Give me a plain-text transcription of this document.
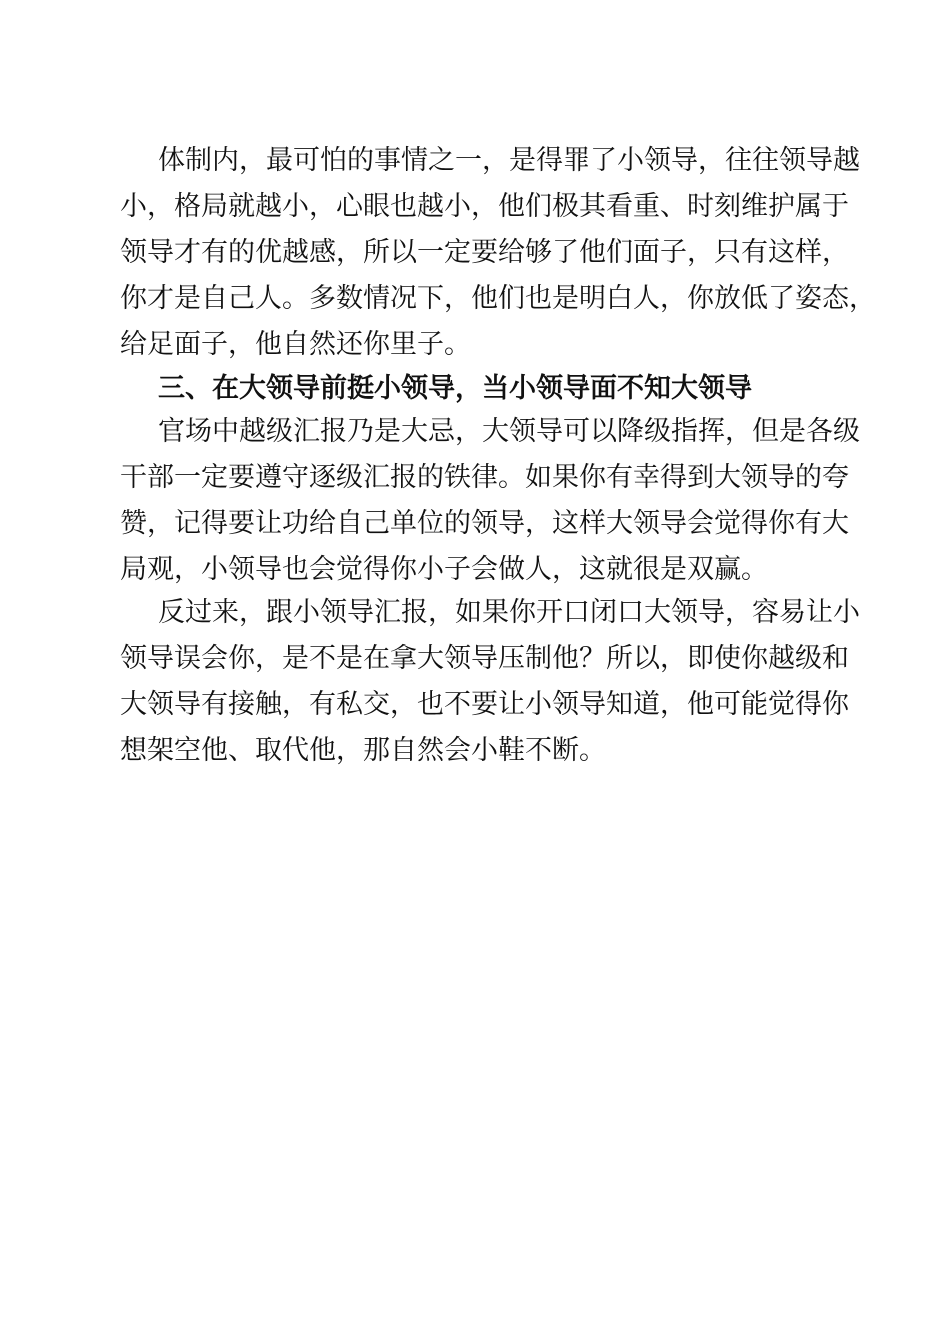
体制内，最可怕的事情之一，是得罪了小领导，往往领导越
小，格局就越小，心眼也越小，他们极其看重、时刻维护属于
领导才有的优越感，所以一定要给够了他们面子，只有这样，
你才是自己人。多数情况下，他们也是明白人，你放低了姿态，
给足面子，他自然还你里子。
三、在大领导前挺小领导，当小领导面不知大领导
官场中越级汇报乃是大忌，大领导可以降级指挥，但是各级
干部一定要遵守逐级汇报的铁律。如果你有幸得到大领导的夸
赞，记得要让功给自己单位的领导，这样大领导会觉得你有大
局观，小领导也会觉得你小子会做人，这就很是双赢。
反过来，跟小领导汇报，如果你开口闭口大领导，容易让小
领导误会你，是不是在拿大领导压制他？所以，即使你越级和
大领导有接触，有私交，也不要让小领导知道，他可能觉得你
想架空他、取代他，那自然会小鞋不断。
